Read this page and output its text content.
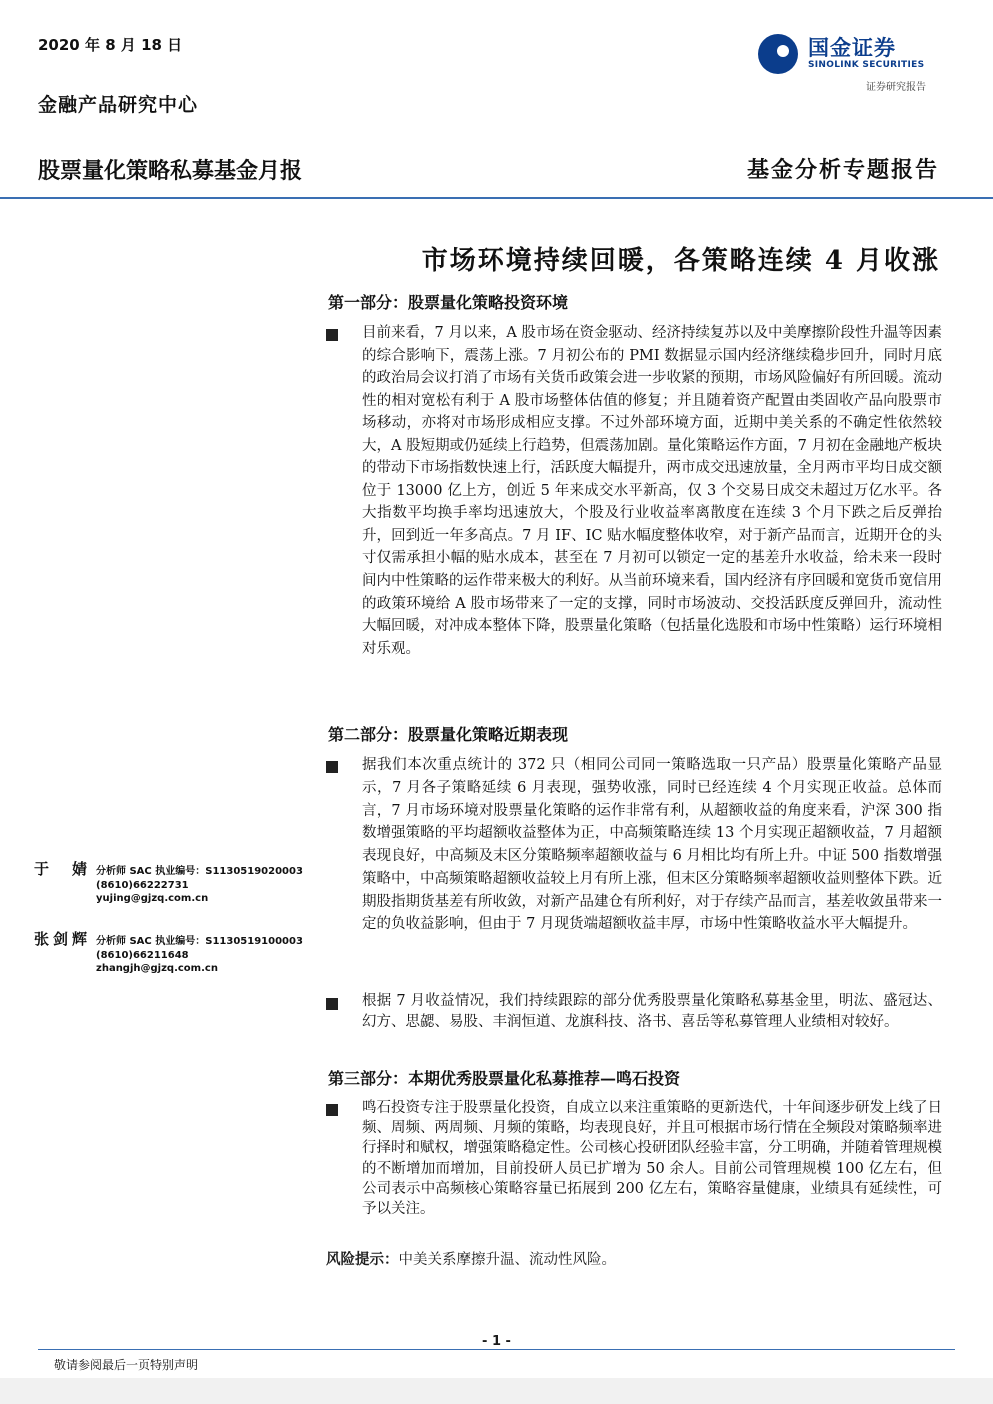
2020 年 8 月 18 日
金融产品研究中心
国金证券
SINOLINK SECURITIES
证券研究报告
股票量化策略私募基金月报	基金分析专题报告
市场环境持续回暖，各策略连续 4 月收涨
第一部分：股票量化策略投资环境
目前来看，7 月以来，A 股市场在资金驱动、经济持续复苏以及中美摩擦阶段性升温等因素的综合影响下，震荡上涨。7 月初公布的 PMI 数据显示国内经济继续稳步回升，同时月底的政治局会议打消了市场有关货币政策会进一步收紧的预期，市场风险偏好有所回暖。流动性的相对宽松有利于 A 股市场整体估值的修复；并且随着资产配置由类固收产品向股票市场移动，亦将对市场形成相应支撑。不过外部环境方面，近期中美关系的不确定性依然较大，A 股短期或仍延续上行趋势，但震荡加剧。量化策略运作方面，7 月初在金融地产板块的带动下市场指数快速上行，活跃度大幅提升，两市成交迅速放量，全月两市平均日成交额位于 13000 亿上方，创近 5 年来成交水平新高，仅 3 个交易日成交未超过万亿水平。各大指数平均换手率均迅速放大，个股及行业收益率离散度在连续 3 个月下跌之后反弹抬升，回到近一年多高点。7 月 IF、IC 贴水幅度整体收窄，对于新产品而言，近期开仓的头寸仅需承担小幅的贴水成本，甚至在 7 月初可以锁定一定的基差升水收益，给未来一段时间内中性策略的运作带来极大的利好。从当前环境来看，国内经济有序回暖和宽货币宽信用的政策环境给 A 股市场带来了一定的支撑，同时市场波动、交投活跃度反弹回升，流动性大幅回暖，对冲成本整体下降，股票量化策略（包括量化选股和市场中性策略）运行环境相对乐观。
第二部分：股票量化策略近期表现
据我们本次重点统计的 372 只（相同公司同一策略选取一只产品）股票量化策略产品显示，7 月各子策略延续 6 月表现，强势收涨，同时已经连续 4 个月实现正收益。总体而言，7 月市场环境对股票量化策略的运作非常有利，从超额收益的角度来看，沪深 300 指数增强策略的平均超额收益整体为正，中高频策略连续 13 个月实现正超额收益，7 月超额表现良好，中高频及末区分策略频率超额收益与 6 月相比均有所上升。中证 500 指数增强策略中，中高频策略超额收益较上月有所上涨，但末区分策略频率超额收益则整体下跌。近期股指期货基差有所收敛，对新产品建仓有所利好，对于存续产品而言，基差收敛虽带来一定的负收益影响，但由于 7 月现货端超额收益丰厚，市场中性策略收益水平大幅提升。
根据 7 月收益情况，我们持续跟踪的部分优秀股票量化策略私募基金里，明汯、盛冠达、幻方、思勰、易股、丰润恒道、龙旗科技、洛书、喜岳等私募管理人业绩相对较好。
第三部分：本期优秀股票量化私募推荐—鸣石投资
鸣石投资专注于股票量化投资，自成立以来注重策略的更新迭代，十年间逐步研发上线了日频、周频、两周频、月频的策略，均表现良好，并且可根据市场行情在全频段对策略频率进行择时和赋权，增强策略稳定性。公司核心投研团队经验丰富，分工明确，并随着管理规模的不断增加而增加，目前投研人员已扩增为 50 余人。目前公司管理规模 100 亿左右，但公司表示中高频核心策略容量已拓展到 200 亿左右，策略容量健康，业绩具有延续性，可予以关注。
风险提示：中美关系摩擦升温、流动性风险。
于　婧 分析师 SAC 执业编号：S1130519020003
(8610)66222731
yujing@gjzq.com.cn
张剑辉 分析师 SAC 执业编号：S1130519100003
(8610)66211648
zhangjh@gjzq.com.cn
- 1 -
敬请参阅最后一页特别声明
